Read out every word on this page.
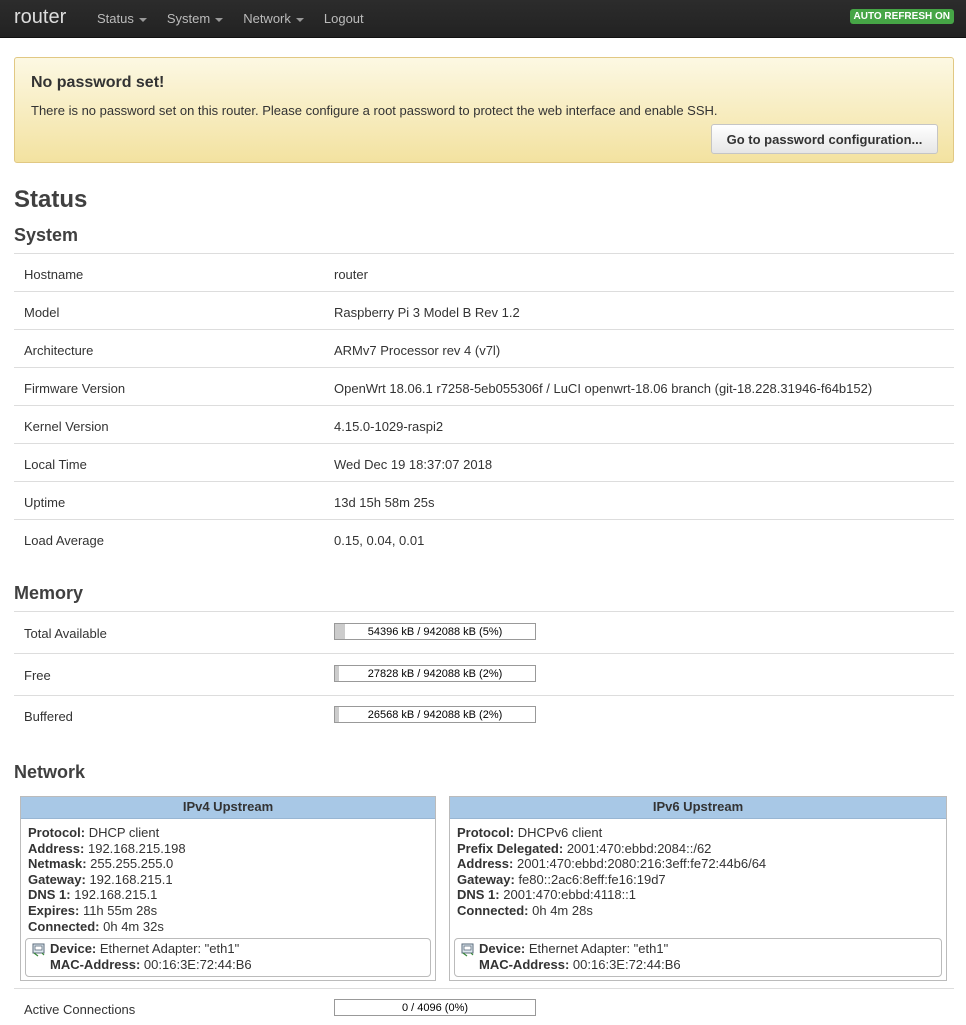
router Status	System	Network	Logout	AUTO REFRESH ON
No password set!

There is no password set on this router. Please configure a root password to protect the web interface and enable SSH.

Go to password configuration...
Status
System
Hostname	router
Model	Raspberry Pi 3 Model B Rev 1.2
Architecture	ARMv7 Processor rev 4 (v7l)
Firmware Version	OpenWrt 18.06.1 r7258-5eb055306f / LuCI openwrt-18.06 branch (git-18.228.31946-f64b152)
Kernel Version	4.15.0-1029-raspi2
Local Time	Wed Dec 19 18:37:07 2018
Uptime	13d 15h 58m 25s
Load Average	0.15, 0.04, 0.01
Memory
Total Available	54396 kB / 942088 kB (5%)
Free	27828 kB / 942088 kB (2%)
Buffered	26568 kB / 942088 kB (2%)
Network
IPv4 Upstream
Protocol: DHCP client
Address: 192.168.215.198
Netmask: 255.255.255.0
Gateway: 192.168.215.1
DNS 1: 192.168.215.1
Expires: 11h 55m 28s
Connected: 0h 4m 32s
Device: Ethernet Adapter: "eth1"
MAC-Address: 00:16:3E:72:44:B6
IPv6 Upstream
Protocol: DHCPv6 client
Prefix Delegated: 2001:470:ebbd:2084::/62
Address: 2001:470:ebbd:2080:216:3eff:fe72:44b6/64
Gateway: fe80::2ac6:8eff:fe16:19d7
DNS 1: 2001:470:ebbd:4118::1
Connected: 0h 4m 28s
Device: Ethernet Adapter: "eth1"
MAC-Address: 00:16:3E:72:44:B6
Active Connections	0 / 4096 (0%)
